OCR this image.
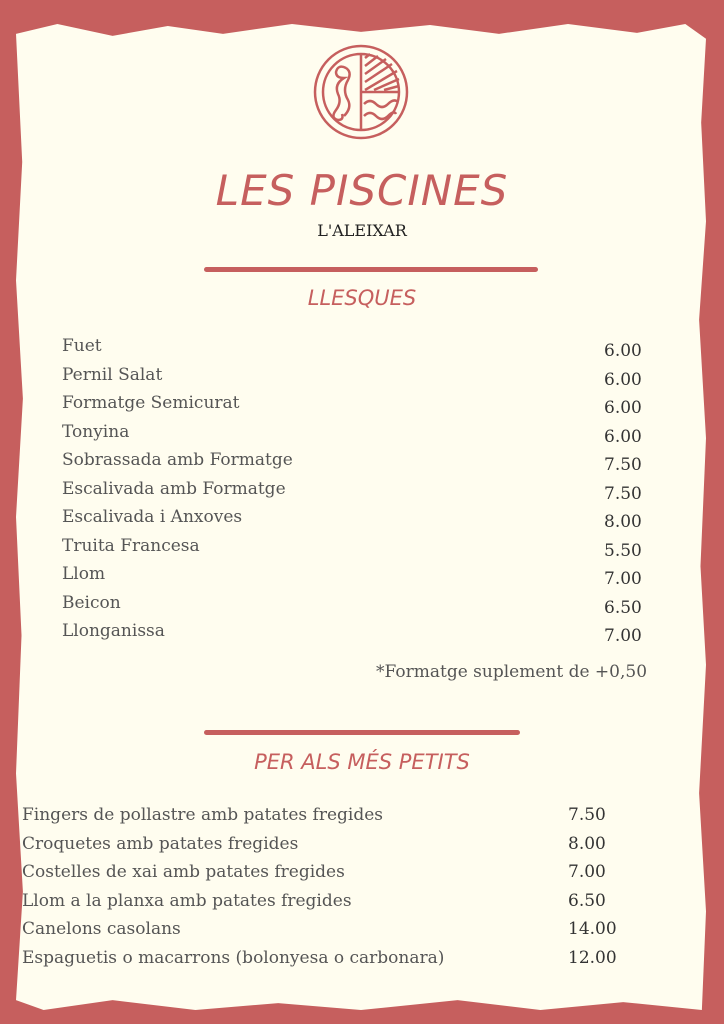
LES PISCINES
L'ALEIXAR
LLESQUES
Fuet	6.00
Pernil Salat	6.00
Formatge Semicurat	6.00
Tonyina	6.00
Sobrassada amb Formatge	7.50
Escalivada amb Formatge	7.50
Escalivada i Anxoves	8.00
Truita Francesa	5.50
Llom	7.00
Beicon	6.50
Llonganissa	7.00
*Formatge suplement de +0,50
PER ALS MÉS PETITS
Fingers de pollastre amb patates fregides	7.50
Croquetes amb patates fregides	8.00
Costelles de xai amb patates fregides	7.00
Llom a la planxa amb patates fregides	6.50
Canelons casolans	14.00
Espaguetis o macarrons (bolonyesa o carbonara)	12.00
